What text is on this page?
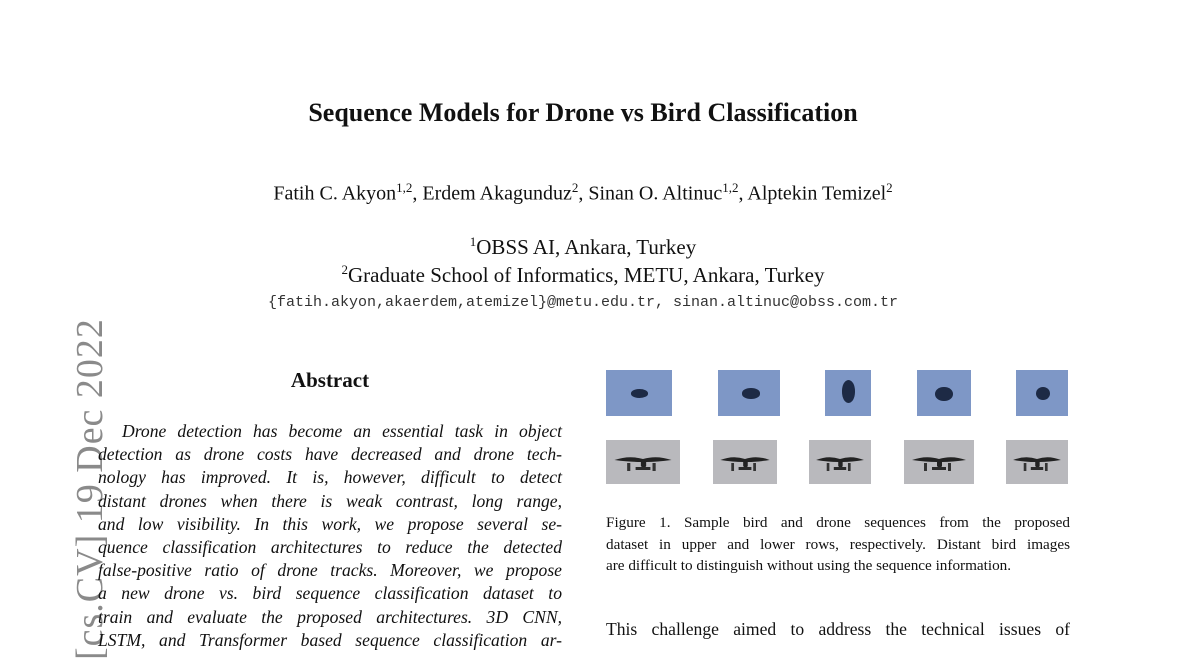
[cs.CV] 19 Dec 2022
Sequence Models for Drone vs Bird Classification
Fatih C. Akyon$^{1,2}$, Erdem Akagunduz$^2$, Sinan O. Altinuc$^{1,2}$, Alptekin Temizel$^2$
$^1$OBSS AI, Ankara, Turkey
$^2$Graduate School of Informatics, METU, Ankara, Turkey
{fatih.akyon,akaerdem,atemizel}@metu.edu.tr, sinan.altinuc@obss.com.tr
Abstract
Drone detection has become an essential task in object
detection as drone costs have decreased and drone tech-
nology has improved. It is, however, difficult to detect
distant drones when there is weak contrast, long range,
and low visibility. In this work, we propose several se-
quence classification architectures to reduce the detected
false-positive ratio of drone tracks. Moreover, we propose
a new drone vs. bird sequence classification dataset to
train and evaluate the proposed architectures. 3D CNN,
LSTM, and Transformer based sequence classification ar-
Figure 1. Sample bird and drone sequences from the proposed
dataset in upper and lower rows, respectively. Distant bird images
are difficult to distinguish without using the sequence information.
This challenge aimed to address the technical issues of
